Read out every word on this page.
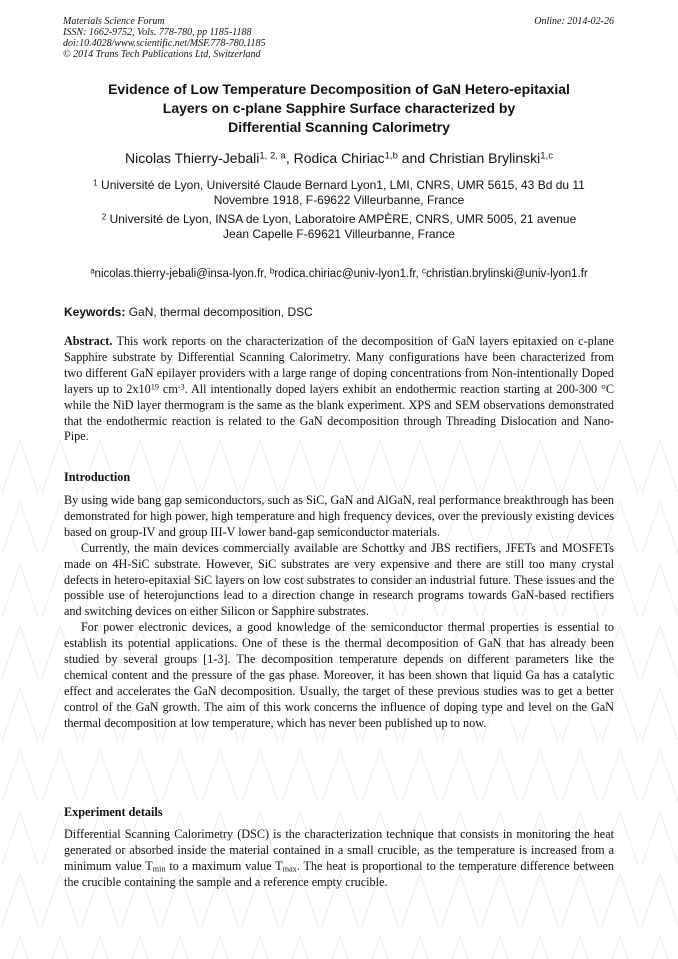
Materials Science Forum
ISSN: 1662-9752, Vols. 778-780, pp 1185-1188
doi:10.4028/www.scientific.net/MSF.778-780.1185
© 2014 Trans Tech Publications Ltd, Switzerland
Online: 2014-02-26
Evidence of Low Temperature Decomposition of GaN Hetero-epitaxial
Layers on c-plane Sapphire Surface characterized by
Differential Scanning Calorimetry
Nicolas Thierry-Jebali$^{1, 2, a}$, Rodica Chiriac$^{1,b}$ and Christian Brylinski$^{1,c}$
$^1$ Université de Lyon, Université Claude Bernard Lyon1, LMI, CNRS, UMR 5615, 43 Bd du 11
Novembre 1918, F-69622 Villeurbanne, France
$^2$ Université de Lyon, INSA de Lyon, Laboratoire AMPÈRE, CNRS, UMR 5005, 21 avenue
Jean Capelle F-69621 Villeurbanne, France
$^a$nicolas.thierry-jebali@insa-lyon.fr, $^b$rodica.chiriac@univ-lyon1.fr, $^c$christian.brylinski@univ-lyon1.fr
Keywords: GaN, thermal decomposition, DSC

Abstract. This work reports on the characterization of the decomposition of GaN layers epitaxied on c-plane Sapphire substrate by Differential Scanning Calorimetry. Many configurations have been characterized from two different GaN epilayer providers with a large range of doping concentrations from Non-intentionally Doped layers up to $2x10^{19}$ $cm^{-3}$. All intentionally doped layers exhibit an endothermic reaction starting at 200-300 °C while the NiD layer thermogram is the same as the blank experiment. XPS and SEM observations demonstrated that the endothermic reaction is related to the GaN decomposition through Threading Dislocation and Nano-Pipe.

Introduction

By using wide bang gap semiconductors, such as SiC, GaN and AlGaN, real performance breakthrough has been demonstrated for high power, high temperature and high frequency devices, over the previously existing devices based on group-IV and group III-V lower band-gap semiconductor materials.

Currently, the main devices commercially available are Schottky and JBS rectifiers, JFETs and MOSFETs made on 4H-SiC substrate. However, SiC substrates are very expensive and there are still too many crystal defects in hetero-epitaxial SiC layers on low cost substrates to consider an industrial future. These issues and the possible use of heterojunctions lead to a direction change in research programs towards GaN-based rectifiers and switching devices on either Silicon or Sapphire substrates.

For power electronic devices, a good knowledge of the semiconductor thermal properties is essential to establish its potential applications. One of these is the thermal decomposition of GaN that has already been studied by several groups [1-3]. The decomposition temperature depends on different parameters like the chemical content and the pressure of the gas phase. Moreover, it has been shown that liquid Ga has a catalytic effect and accelerates the GaN decomposition. Usually, the target of these previous studies was to get a better control of the GaN growth. The aim of this work concerns the influence of doping type and level on the GaN thermal decomposition at low temperature, which has never been published up to now.

Experiment details

Differential Scanning Calorimetry (DSC) is the characterization technique that consists in monitoring the heat generated or absorbed inside the material contained in a small crucible, as the temperature is increased from a minimum value $T_{min}$ to a maximum value $T_{max}$. The heat is proportional to the temperature difference between the crucible containing the sample and a reference empty crucible.
